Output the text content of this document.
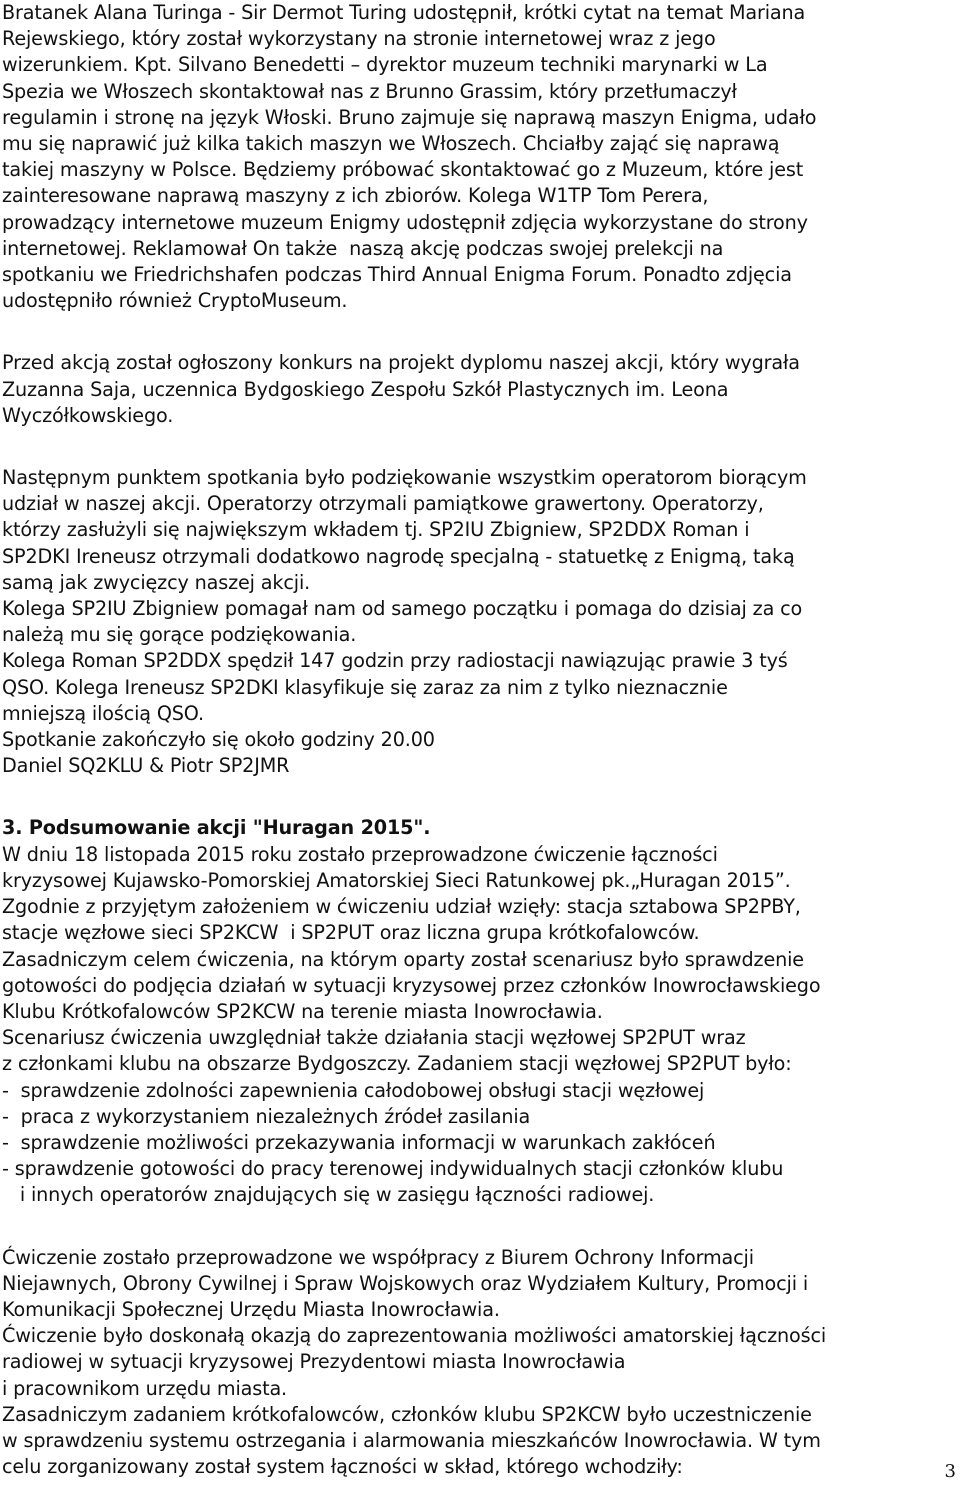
Bratanek Alana Turinga - Sir Dermot Turing udostępnił, krótki cytat na temat Mariana

Rejewskiego, który został wykorzystany na stronie internetowej wraz z jego

wizerunkiem. Kpt. Silvano Benedetti – dyrektor muzeum techniki marynarki w La

Spezia we Włoszech skontaktował nas z Brunno Grassim, który przetłumaczył

regulamin i stronę na język Włoski. Bruno zajmuje się naprawą maszyn Enigma, udało

mu się naprawić już kilka takich maszyn we Włoszech. Chciałby zająć się naprawą

takiej maszyny w Polsce. Będziemy próbować skontaktować go z Muzeum, które jest

zainteresowane naprawą maszyny z ich zbiorów. Kolega W1TP Tom Perera,

prowadzący internetowe muzeum Enigmy udostępnił zdjęcia wykorzystane do strony

internetowej. Reklamował On także  naszą akcję podczas swojej prelekcji na

spotkaniu we Friedrichshafen podczas Third Annual Enigma Forum. Ponadto zdjęcia

udostępniło również CryptoMuseum.

Przed akcją został ogłoszony konkurs na projekt dyplomu naszej akcji, który wygrała

Zuzanna Saja, uczennica Bydgoskiego Zespołu Szkół Plastycznych im. Leona

Wyczółkowskiego.

Następnym punktem spotkania było podziękowanie wszystkim operatorom biorącym

udział w naszej akcji. Operatorzy otrzymali pamiątkowe grawertony. Operatorzy,

którzy zasłużyli się największym wkładem tj. SP2IU Zbigniew, SP2DDX Roman i

SP2DKI Ireneusz otrzymali dodatkowo nagrodę specjalną - statuetkę z Enigmą, taką

samą jak zwycięzcy naszej akcji.

Kolega SP2IU Zbigniew pomagał nam od samego początku i pomaga do dzisiaj za co

należą mu się gorące podziękowania.

Kolega Roman SP2DDX spędził 147 godzin przy radiostacji nawiązując prawie 3 tyś

QSO. Kolega Ireneusz SP2DKI klasyfikuje się zaraz za nim z tylko nieznacznie

mniejszą ilością QSO.

Spotkanie zakończyło się około godziny 20.00

Daniel SQ2KLU & Piotr SP2JMR

3. Podsumowanie akcji "Huragan 2015".

W dniu 18 listopada 2015 roku zostało przeprowadzone ćwiczenie łączności

kryzysowej Kujawsko-Pomorskiej Amatorskiej Sieci Ratunkowej pk.„Huragan 2015”.

Zgodnie z przyjętym założeniem w ćwiczeniu udział wzięły: stacja sztabowa SP2PBY,

stacje węzłowe sieci SP2KCW  i SP2PUT oraz liczna grupa krótkofalowców.

Zasadniczym celem ćwiczenia, na którym oparty został scenariusz było sprawdzenie

gotowości do podjęcia działań w sytuacji kryzysowej przez członków Inowrocławskiego

Klubu Krótkofalowców SP2KCW na terenie miasta Inowrocławia.

Scenariusz ćwiczenia uwzględniał także działania stacji węzłowej SP2PUT wraz

z członkami klubu na obszarze Bydgoszczy. Zadaniem stacji węzłowej SP2PUT było:

-  sprawdzenie zdolności zapewnienia całodobowej obsługi stacji węzłowej

-  praca z wykorzystaniem niezależnych źródeł zasilania

-  sprawdzenie możliwości przekazywania informacji w warunkach zakłóceń

- sprawdzenie gotowości do pracy terenowej indywidualnych stacji członków klubu

i innych operatorów znajdujących się w zasięgu łączności radiowej.

Ćwiczenie zostało przeprowadzone we współpracy z Biurem Ochrony Informacji

Niejawnych, Obrony Cywilnej i Spraw Wojskowych oraz Wydziałem Kultury, Promocji i

Komunikacji Społecznej Urzędu Miasta Inowrocławia.

Ćwiczenie było doskonałą okazją do zaprezentowania możliwości amatorskiej łączności

radiowej w sytuacji kryzysowej Prezydentowi miasta Inowrocławia

i pracownikom urzędu miasta.

Zasadniczym zadaniem krótkofalowców, członków klubu SP2KCW było uczestniczenie

w sprawdzeniu systemu ostrzegania i alarmowania mieszkańców Inowrocławia. W tym

celu zorganizowany został system łączności w skład, którego wchodziły:	3
